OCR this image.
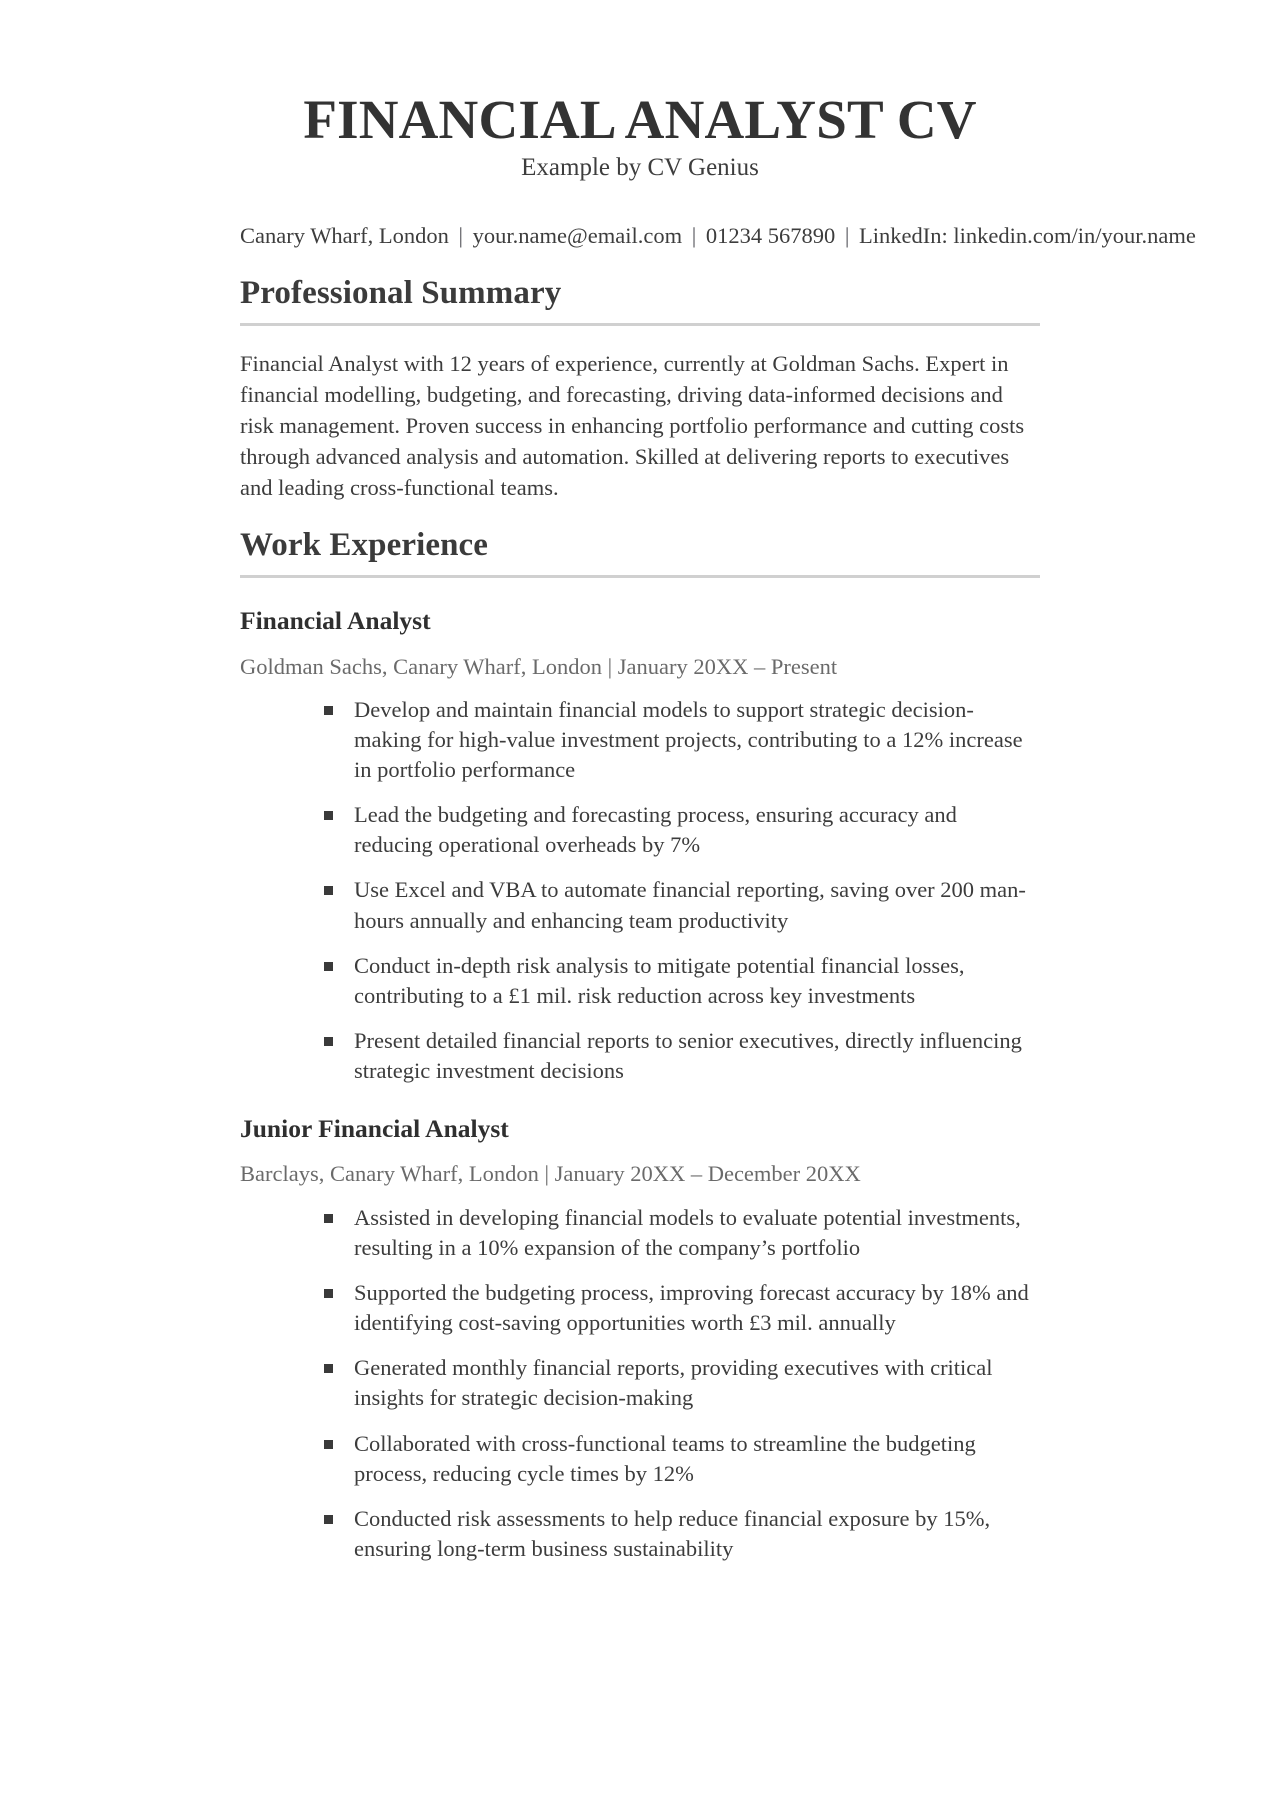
FINANCIAL ANALYST CV
Example by CV Genius
Canary Wharf, London | your.name@email.com | 01234 567890 | LinkedIn: linkedin.com/in/your.name
Professional Summary

Financial Analyst with 12 years of experience, currently at Goldman Sachs. Expert in financial modelling, budgeting, and forecasting, driving data-informed decisions and risk management. Proven success in enhancing portfolio performance and cutting costs through advanced analysis and automation. Skilled at delivering reports to executives and leading cross-functional teams.

Work Experience
Financial Analyst
Goldman Sachs, Canary Wharf, London | January 20XX – Present
Develop and maintain financial models to support strategic decision-making for high-value investment projects, contributing to a 12% increase in portfolio performance
Lead the budgeting and forecasting process, ensuring accuracy and reducing operational overheads by 7%
Use Excel and VBA to automate financial reporting, saving over 200 man-hours annually and enhancing team productivity
Conduct in-depth risk analysis to mitigate potential financial losses, contributing to a £1 mil. risk reduction across key investments
Present detailed financial reports to senior executives, directly influencing strategic investment decisions
Junior Financial Analyst
Barclays, Canary Wharf, London | January 20XX – December 20XX
Assisted in developing financial models to evaluate potential investments, resulting in a 10% expansion of the company’s portfolio
Supported the budgeting process, improving forecast accuracy by 18% and identifying cost-saving opportunities worth £3 mil. annually
Generated monthly financial reports, providing executives with critical insights for strategic decision-making
Collaborated with cross-functional teams to streamline the budgeting process, reducing cycle times by 12%
Conducted risk assessments to help reduce financial exposure by 15%, ensuring long-term business sustainability
